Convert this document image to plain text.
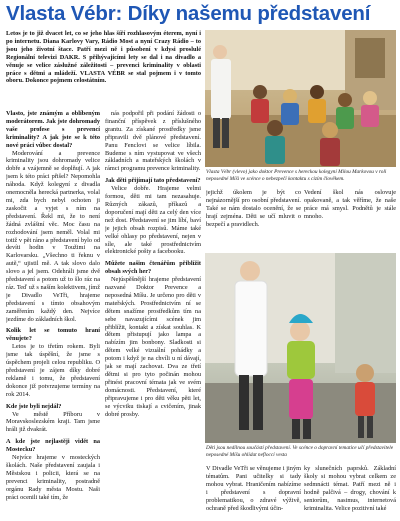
Vlasta Vébr: Díky našemu představení
Letos je to již dvacet let, co se jeho hlas šíří rozhlasovým éterem, nyní i po internetu. Diana Karlovy Vary, Rádio Most a nyní Crazy Rádio – to jsou jeho životní štace. Patří mezi ně i působení v kdysi proslulé Regionální televizi DAKR. S přihývajícími lety se dal i na divadlo a věnuje se velice záslužné záležitosti – prevenci kriminality v oblasti práce s dětmi a mládeží. VLASTA VÉBR se stal pojmem i v tomto oboru. Dokonce pojmem celostátním.

Vlasto, jste známým a oblíbeným moderátorem. Jak jste dohromady vaše profese s prevencí kriminality? A jak jste se k této nové práci vůbec dostal?

Moderování a prevence kriminality jsou dohromady velice dobře a vzájemně se doplňují. A jak jsem k této práci přišel? Nepomohla náhoda. Když kolegyní z divadla onemocněla herecká partnerka, volal mi, zda bych nebyl ochoten ji zaskočit a vyjet s ním na představení. Řekl mi, že to není žádná zvláštní věc. Moc času na rozhodování jsem neměl. Volal mi totiž v pět ráno a představení bylo od devíti hodin v Toužimi na Karlovarsku. „Všechno ti řeknu v autě,“ ujistil mě. A tak slovo dalo slovo a jel jsem. Odehráli jsme dvě představení a potom už to šlo ráz na ráz. Teď už s naším kolektivem, jímž je Divadlo VeTři, hrajeme představení s tímto obsahovým zaměřením každý den. Nejvíce jezdíme do základních škol.

Kolik let se tomuto hraní věnujete?

Letos je to třetím rokem. Byli jsme tak úspěšní, že jsme s úspěchem projeli celou republiku. O představení je zájem díky dobré reklamě i tomu, že představení dokonce již potvrzujeme termíny na rok 2014.

Kde jste byli nejdál?

Ve městě Příboru v Moravskoslezském kraji. Tam jsme hráli již dvakrát.

A kde jste nejlastěji vidět na Mostecku?

Nejvíce hrajeme v mosteckých školách. Naše představení zaujala i Městskou i policii, která se na prevenci kriminality, postradně orgánu Rady města Mostu. Naši práci ocenili také tím, že

nás podpořil při podání žádosti o finanční příspěvek z příslušného grantu. Za získané prostředky jsme připravili dvě plánové představení. Panu Fenclovi se velice líbila. Budeme s ním vystupovat ve všech základních a mateřských školách v rámci programu prevence kriminality.

Jak děti přijímají tato představení?

Velice dobře. Hrajeme velmi formou, děti mi tam nezasahuje. Různých zákazů, příkazů a doporučení mají děti za celý den více než dost. Představení se jim líbí, baví je jejich obsah rozpisů. Máme také velké ohlasy po představení, nejen v síle, ale také prostřednictvím elektronické pošty a facebooku.

Můžete našim čtenářům přiblížit obsah svých her?

Nejúspěšnější hrajeme představení nazvané Doktor Prevence a neposedná Míšu. Je určeno pro děti v mateřských. Prostřednictvím ní se dětem snažíme prostředkům tím na sebe navazujícími scének jim přiblížit, kontakt a získat souhlas. K dětem přistupují jako lampa a nabízím jim bonbony. Sladkosti si dětem velké vizuální pohádky a potom i když je na chvíli u ní dávají, jak se mají zachovat. Dva ze třetí dětmi si pro tyto počinán mohou přinést pracovní témata jak ve svém domácnosti. Představení, které připravujeme i pro děti věku pěti let, se výcviku tiskají a cvičením, jinak dobré prosby.

Vlasta Vébr (vlevo) jako doktor Prevence s hereckou kolegyní Milou Markovou v roli neposedné Míši ve scénce o nebezpečí kontaktu s cizím člověkem.
jejichž úkolem je být co nejnázornější pro osobní představení. Také se nám dostalo ocenění, že se hrají zejména. Děti se učí mluvit o bezpečí a pravidlech.
Vedení škol nás oslovuje opakovaně, a tak věříme, že naše práce má smysl. Podnětů je stále mnoho.
Děti jsou nedílnou součástí představení. Ve scénce o dopravní tematice učí představitele neposedné Míšu ohlídat nefloccí vesta
V Divadle VeTři se věnujeme i jiným tématům. Pani učitelky si tady mohou vybrat. Hraničením nabízíme i představení s dopravní problematikou, o zdravé výživě, ochraně před škodlivými účin-
ky slunečních paprsků. Základní školy si mohou vybrat celkem ze sedmnácti témat. Patří mezi ně i hodně palčivá – drogy, chování k seniorům, nasimus, internetová kriminalita. Velice pozitivní také
